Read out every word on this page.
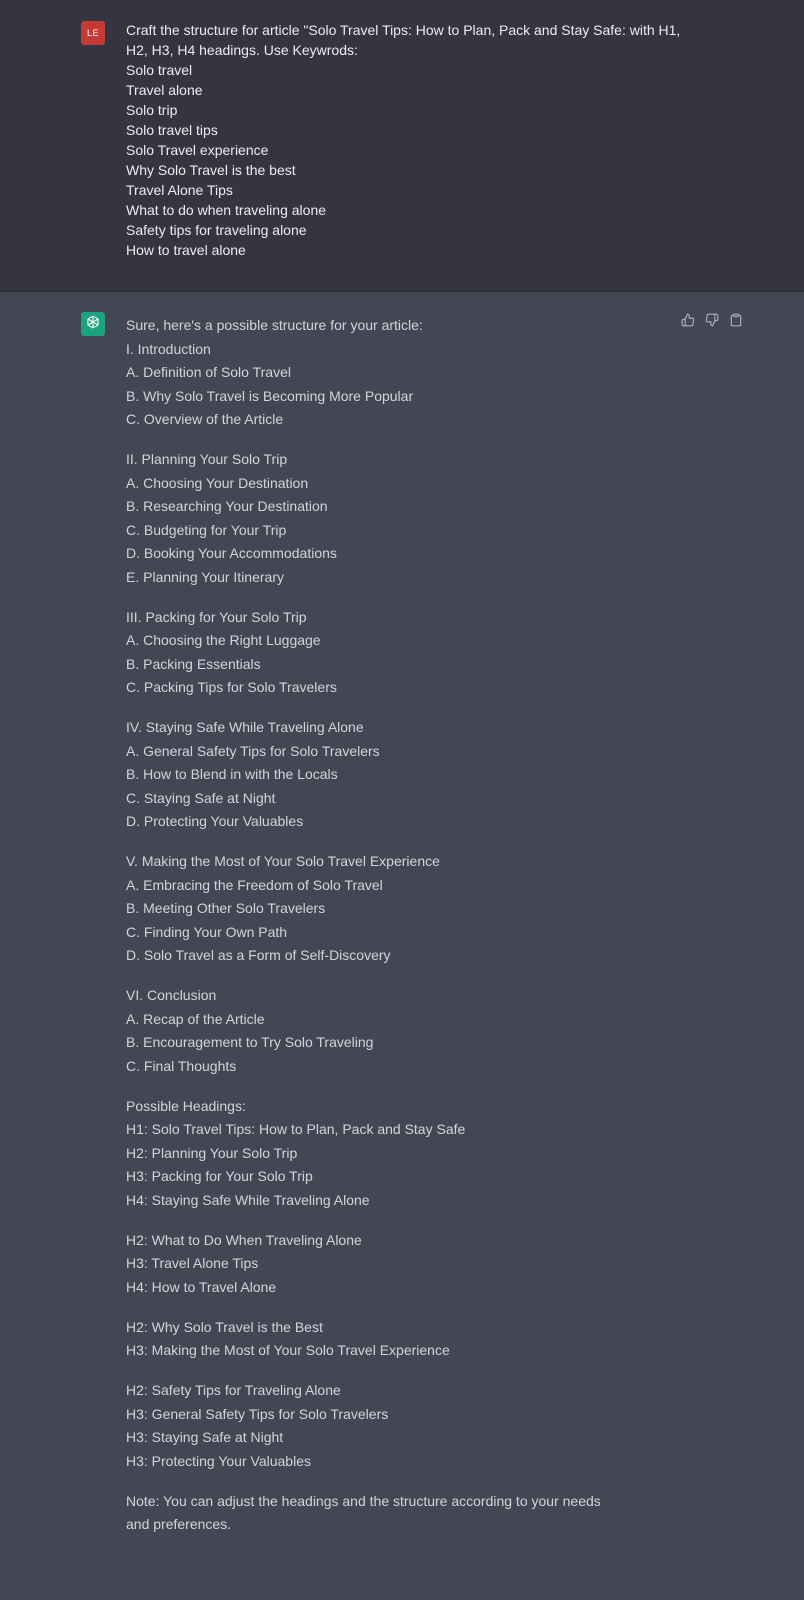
LE	Craft the structure for article "Solo Travel Tips: How to Plan, Pack and Stay Safe: with H1, H2, H3, H4 headings. Use Keywrods:

Solo travel

Travel alone

Solo trip

Solo travel tips

Solo Travel experience

Why Solo Travel is the best

Travel Alone Tips

What to do when traveling alone

Safety tips for traveling alone

How to travel alone

Sure, here's a possible structure for your article:

I. Introduction

A. Definition of Solo Travel

B. Why Solo Travel is Becoming More Popular

C. Overview of the Article

II. Planning Your Solo Trip

A. Choosing Your Destination

B. Researching Your Destination

C. Budgeting for Your Trip

D. Booking Your Accommodations

E. Planning Your Itinerary

III. Packing for Your Solo Trip

A. Choosing the Right Luggage

B. Packing Essentials

C. Packing Tips for Solo Travelers

IV. Staying Safe While Traveling Alone

A. General Safety Tips for Solo Travelers

B. How to Blend in with the Locals

C. Staying Safe at Night

D. Protecting Your Valuables

V. Making the Most of Your Solo Travel Experience

A. Embracing the Freedom of Solo Travel

B. Meeting Other Solo Travelers

C. Finding Your Own Path

D. Solo Travel as a Form of Self-Discovery

VI. Conclusion

A. Recap of the Article

B. Encouragement to Try Solo Traveling

C. Final Thoughts

Possible Headings:

H1: Solo Travel Tips: How to Plan, Pack and Stay Safe

H2: Planning Your Solo Trip

H3: Packing for Your Solo Trip

H4: Staying Safe While Traveling Alone

H2: What to Do When Traveling Alone

H3: Travel Alone Tips

H4: How to Travel Alone

H2: Why Solo Travel is the Best

H3: Making the Most of Your Solo Travel Experience

H2: Safety Tips for Traveling Alone

H3: General Safety Tips for Solo Travelers

H3: Staying Safe at Night

H3: Protecting Your Valuables

Note: You can adjust the headings and the structure according to your needs and preferences.
